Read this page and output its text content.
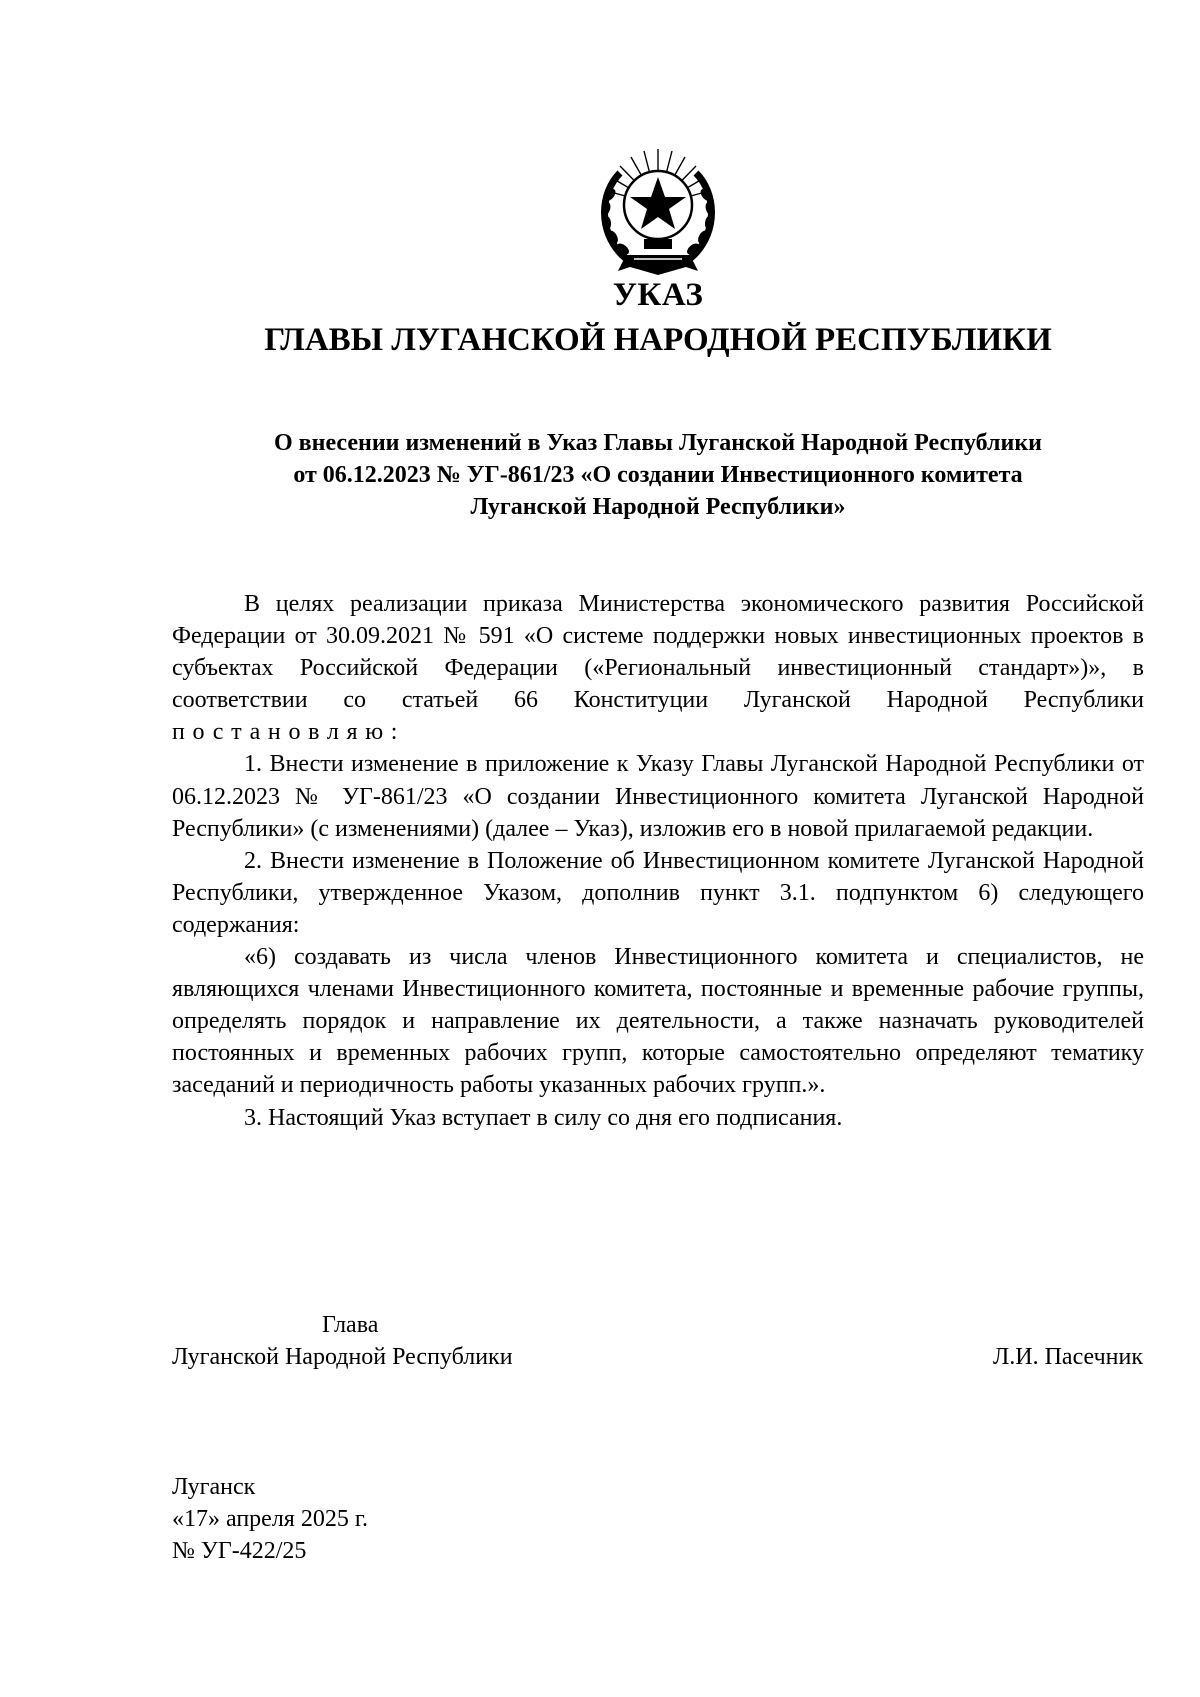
УКАЗ
ГЛАВЫ ЛУГАНСКОЙ НАРОДНОЙ РЕСПУБЛИКИ
О внесении изменений в Указ Главы Луганской Народной Республики
от 06.12.2023 № УГ-861/23 «О создании Инвестиционного комитета
Луганской Народной Республики»

В целях реализации приказа Министерства экономического развития Российской Федерации от 30.09.2021 № 591 «О системе поддержки новых инвестиционных проектов в субъектах Российской Федерации («Региональный инвестиционный стандарт»)», в соответствии со статьей 66 Конституции Луганской Народной Республики постановляю:

1. Внести изменение в приложение к Указу Главы Луганской Народной Республики от 06.12.2023 № УГ-861/23 «О создании Инвестиционного комитета Луганской Народной Республики» (с изменениями) (далее – Указ), изложив его в новой прилагаемой редакции.

2. Внести изменение в Положение об Инвестиционном комитете Луганской Народной Республики, утвержденное Указом, дополнив пункт 3.1. подпунктом 6) следующего содержания:

«6) создавать из числа членов Инвестиционного комитета и специалистов, не являющихся членами Инвестиционного комитета, постоянные и временные рабочие группы, определять порядок и направление их деятельности, а также назначать руководителей постоянных и временных рабочих групп, которые самостоятельно определяют тематику заседаний и периодичность работы указанных рабочих групп.».

3. Настоящий Указ вступает в силу со дня его подписания.

Глава
Луганской Народной Республики	Л.И. Пасечник
Луганск
«17» апреля 2025 г.
№ УГ-422/25
